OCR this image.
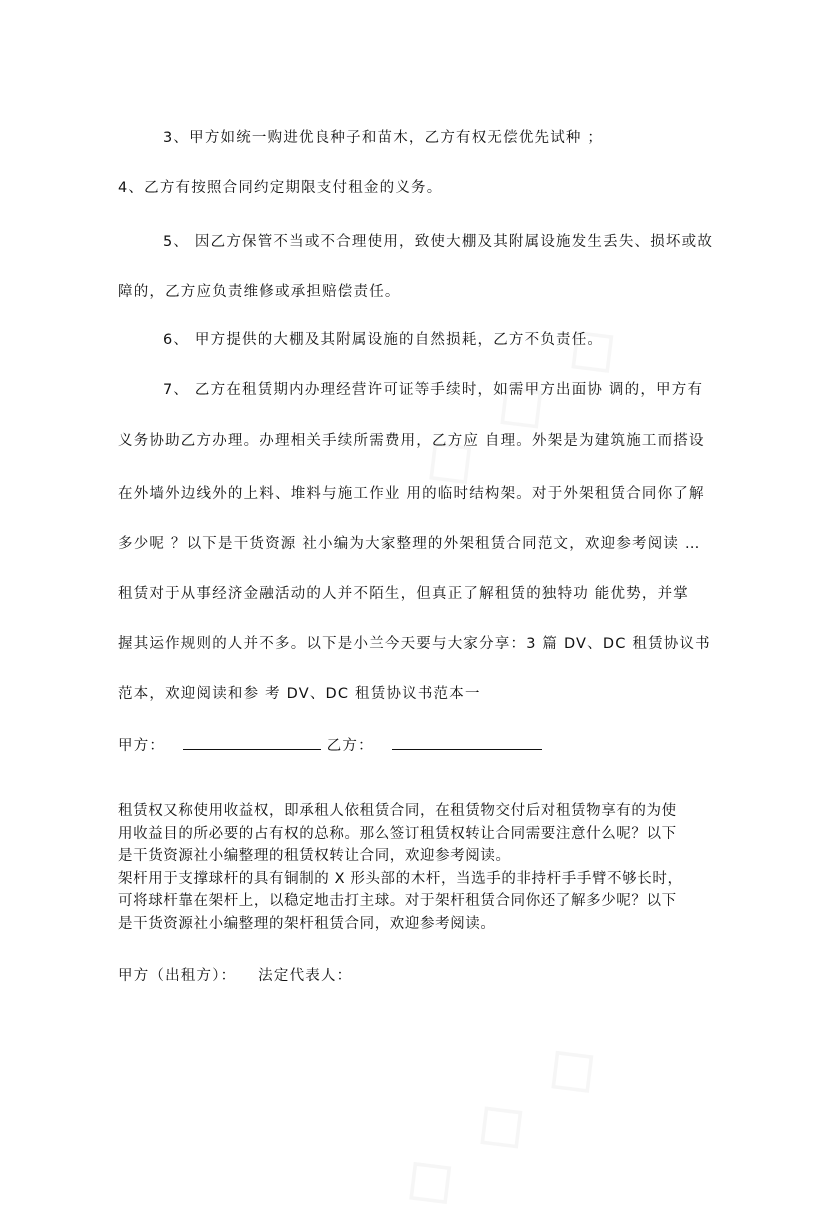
3、甲方如统一购进优良种子和苗木，乙方有权无偿优先试种 ；
4、乙方有按照合同约定期限支付租金的义务。
5、 因乙方保管不当或不合理使用，致使大棚及其附属设施发生丢失、损坏或故
障的，乙方应负责维修或承担赔偿责任。
6、 甲方提供的大棚及其附属设施的自然损耗，乙方不负责任。
7、 乙方在租赁期内办理经营许可证等手续时，如需甲方出面协 调的，甲方有
义务协助乙方办理。办理相关手续所需费用，乙方应 自理。外架是为建筑施工而搭设
在外墙外边线外的上料、堆料与施工作业 用的临时结构架。对于外架租赁合同你了解
多少呢 ？以下是干货资源 社小编为大家整理的外架租赁合同范文，欢迎参考阅读 …
租赁对于从事经济金融活动的人并不陌生，但真正了解租赁的独特功 能优势，并掌
握其运作规则的人并不多。以下是小兰今天要与大家分享：3 篇 DV、DC 租赁协议书
范本，欢迎阅读和参 考 DV、DC 租赁协议书范本一
甲方：	乙方：
租赁权又称使用收益权，即承租人依租赁合同，在租赁物交付后对租赁物享有的为使
用收益目的所必要的占有权的总称。那么签订租赁权转让合同需要注意什么呢？以下
是干货资源社小编整理的租赁权转让合同，欢迎参考阅读。
架杆用于支撑球杆的具有铜制的 X 形头部的木杆，当选手的非持杆手手臂不够长时，
可将球杆靠在架杆上，以稳定地击打主球。对于架杆租赁合同你还了解多少呢？以下
是干货资源社小编整理的架杆租赁合同，欢迎参考阅读。
甲方（出租方）： 法定代表人：
